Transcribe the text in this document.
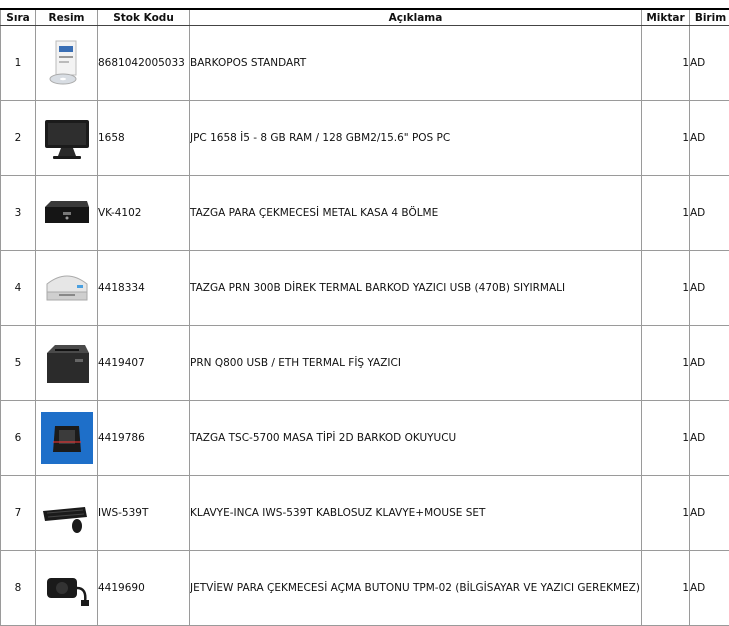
Sıra	Resim	Stok Kodu	Açıklama	Miktar	Birim
1		8681042005033	BARKOPOS STANDART	1	AD
2		1658	JPC 1658 İ5 - 8 GB RAM / 128 GBM2/15.6" POS PC	1	AD
3		VK-4102	TAZGA PARA ÇEKMECESİ METAL KASA 4 BÖLME	1	AD
4		4418334	TAZGA PRN 300B DİREK TERMAL BARKOD YAZICI USB (470B) SIYIRMALI	1	AD
5		4419407	PRN Q800 USB / ETH TERMAL FİŞ YAZICI	1	AD
6		4419786	TAZGA TSC-5700 MASA TİPİ 2D BARKOD OKUYUCU	1	AD
7		IWS-539T	KLAVYE-INCA IWS-539T KABLOSUZ KLAVYE+MOUSE SET	1	AD
8		4419690	JETVİEW PARA ÇEKMECESİ AÇMA BUTONU TPM-02 (BİLGİSAYAR VE YAZICI GEREKMEZ)	1	AD
